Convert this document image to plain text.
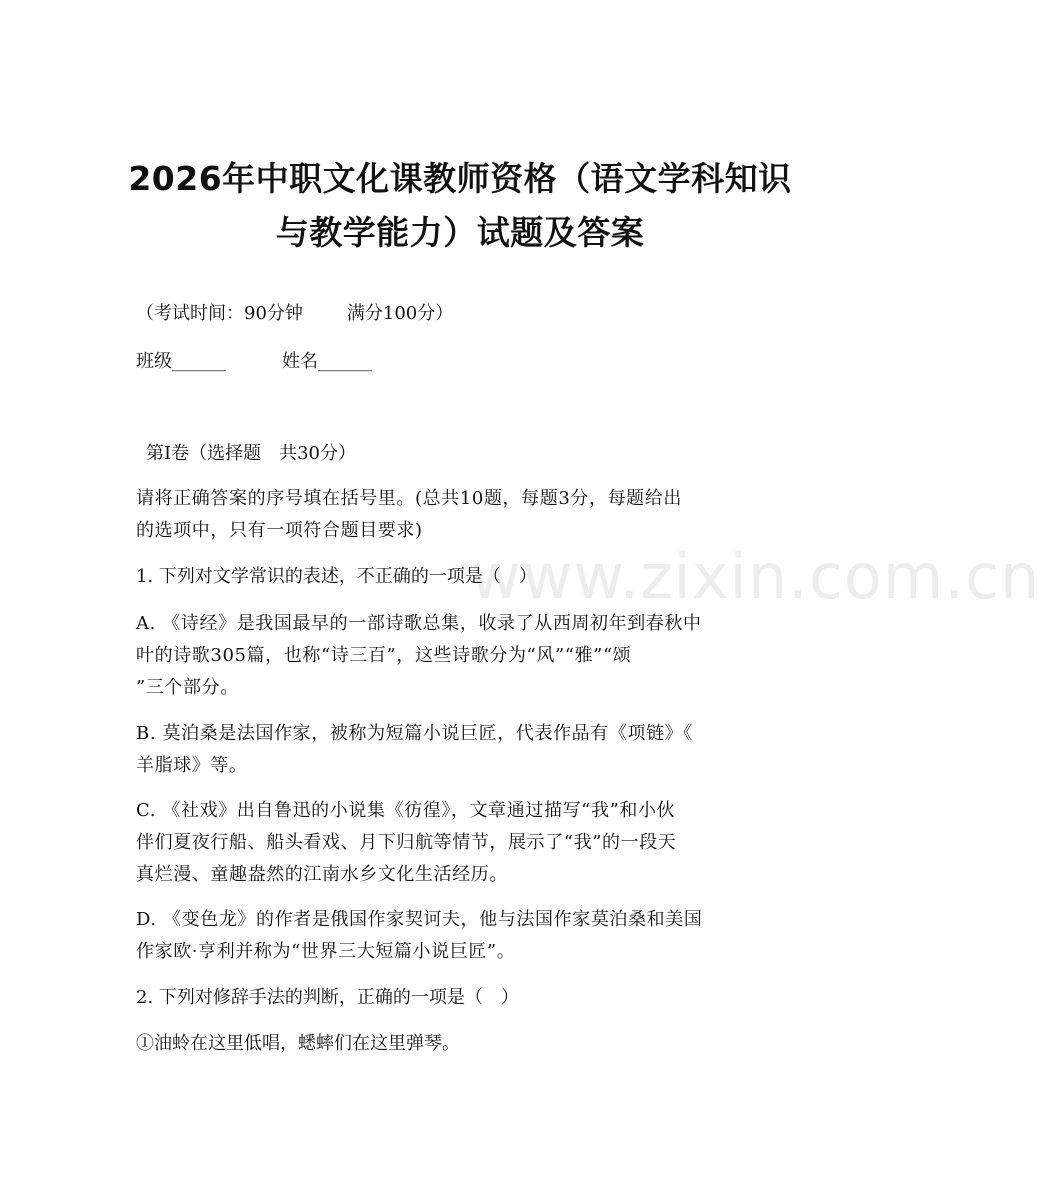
www.zixin.com.cn
2026年中职文化课教师资格（语文学科知识
与教学能力）试题及答案
（考试时间：90分钟 满分100分）
班级______	姓名______
第Ⅰ卷（选择题　共30分）
请将正确答案的序号填在括号里。(总共10题，每题3分，每题给出
的选项中，只有一项符合题目要求)
1. 下列对文学常识的表述，不正确的一项是（　）
A. 《诗经》是我国最早的一部诗歌总集，收录了从西周初年到春秋中
叶的诗歌305篇，也称“诗三百”，这些诗歌分为“风”“雅”“颂
”三个部分。
B. 莫泊桑是法国作家，被称为短篇小说巨匠，代表作品有《项链》《
羊脂球》等。
C. 《社戏》出自鲁迅的小说集《彷徨》，文章通过描写“我”和小伙
伴们夏夜行船、船头看戏、月下归航等情节，展示了“我”的一段天
真烂漫、童趣盎然的江南水乡文化生活经历。
D. 《变色龙》的作者是俄国作家契诃夫，他与法国作家莫泊桑和美国
作家欧·亨利并称为“世界三大短篇小说巨匠”。
2. 下列对修辞手法的判断，正确的一项是（　）
①油蛉在这里低唱，蟋蟀们在这里弹琴。
